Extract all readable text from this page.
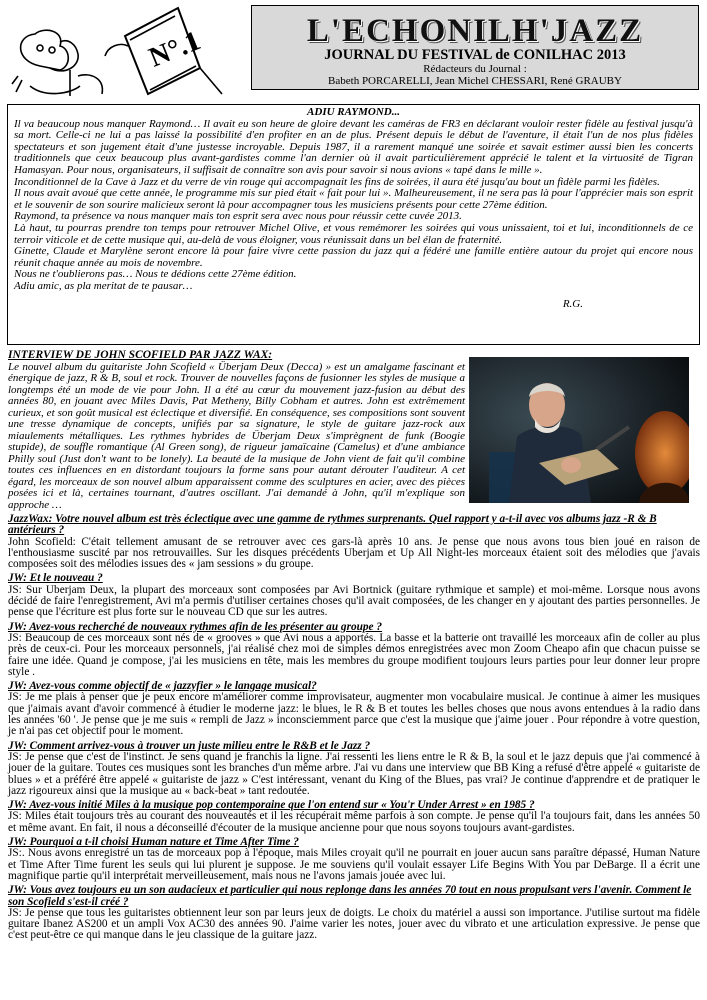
N°.1	L'ECHONILH'JAZZ
JOURNAL DU FESTIVAL de CONILHAC 2013
Rédacteurs du Journal :
Babeth PORCARELLI, Jean Michel CHESSARI, René GRAUBY

ADIU RAYMOND...

Il va beaucoup nous manquer Raymond… Il avait eu son heure de gloire devant les caméras de FR3 en déclarant vouloir rester fidèle au festival jusqu'à sa mort. Celle-ci ne lui a pas laissé la possibilité d'en profiter en an de plus. Présent depuis le début de l'aventure, il était l'un de nos plus fidèles spectateurs et son jugement était d'une justesse incroyable. Depuis 1987, il a rarement manqué une soirée et savait estimer aussi bien les concerts traditionnels que ceux beaucoup plus avant-gardistes comme l'an dernier où il avait particulièrement apprécié le talent et la virtuosité de Tigran Hamasyan. Pour nous, organisateurs, il suffisait de connaître son avis pour savoir si nous avions « tapé dans le mille ».

Inconditionnel de la Cave à Jazz et du verre de vin rouge qui accompagnait les fins de soirées, il aura été jusqu'au bout un fidèle parmi les fidèles.

Il nous avait avoué que cette année, le programme mis sur pied était « fait pour lui ». Malheureusement, il ne sera pas là pour l'apprécier mais son esprit et le souvenir de son sourire malicieux seront là pour accompagner tous les musiciens présents pour cette 27ème édition.

Raymond, ta présence va nous manquer mais ton esprit sera avec nous pour réussir cette cuvée 2013.

Là haut, tu pourras prendre ton temps pour retrouver Michel Olive, et vous remémorer les soirées qui vous unissaient, toi et lui, inconditionnels de ce terroir viticole et de cette musique qui, au-delà de vous éloigner, vous réunissait dans un bel élan de fraternité.

Ginette, Claude et Marylène seront encore là pour faire vivre cette passion du jazz qui a fédéré une famille entière autour du projet qui encore nous réunit chaque année au mois de novembre.

Nous ne t'oublierons pas… Nous te dédions cette 27ème édition.

Adiu amic, as pla meritat de te pausar…

R.G.

INTERVIEW DE JOHN SCOFIELD PAR JAZZ WAX:
Le nouvel album du guitariste John Scofield « Überjam Deux (Decca) » est un amalgame fascinant et énergique de jazz, R & B, soul et rock. Trouver de nouvelles façons de fusionner les styles de musique a longtemps été un mode de vie pour John. Il a été au cœur du mouvement jazz-fusion au début des années 80, en jouant avec Miles Davis, Pat Metheny, Billy Cobham et autres. John est extrêmement curieux, et son goût musical est éclectique et diversifié. En conséquence, ses compositions sont souvent une tresse dynamique de concepts, unifiés par sa signature, le style de guitare jazz-rock aux miaulements métalliques. Les rythmes hybrides de Überjam Deux s'imprègnent de funk (Boogie stupide), de souffle romantique (Al Green song), de rigueur jamaïcaine (Camelus) et d'une ambiance Philly soul (Just don't want to be lonely). La beauté de la musique de John vient de fait qu'il combine toutes ces influences en en distordant toujours la forme sans pour autant dérouter l'auditeur. A cet égard, les morceaux de son nouvel album apparaissent comme des sculptures en acier, avec des pièces posées ici et là, certaines tournant, d'autres oscillant. J'ai demandé à John, qu'il m'explique son approche …

JazzWax: Votre nouvel album est très éclectique avec une gamme de rythmes surprenants. Quel rapport y a-t-il avec vos albums jazz -R & B antérieurs ?

John Scofield: C'était tellement amusant de se retrouver avec ces gars-là après 10 ans. Je pense que nous avons tous bien joué en raison de l'enthousiasme suscité par nos retrouvailles. Sur les disques précédents Uberjam et Up All Night-les morceaux étaient soit des mélodies que j'avais composées soit des mélodies issues des « jam sessions » du groupe.

JW: Et le nouveau ?

JS: Sur Uberjam Deux, la plupart des morceaux sont composées par Avi Bortnick (guitare rythmique et sample) et moi-même. Lorsque nous avons décidé de faire l'enregistrement, Avi m'a permis d'utiliser certaines choses qu'il avait composées, de les changer en y ajoutant des parties personnelles. Je pense que l'écriture est plus forte sur le nouveau CD que sur les autres.

JW: Avez-vous recherché de nouveaux rythmes afin de les présenter au groupe ?

JS: Beaucoup de ces morceaux sont nés de « grooves » que Avi nous a apportés. La basse et la batterie ont travaillé les morceaux afin de coller au plus près de ceux-ci. Pour les morceaux personnels, j'ai réalisé chez moi de simples démos enregistrées avec mon Zoom Cheapo afin que chacun puisse se faire une idée. Quand je compose, j'ai les musiciens en tête, mais les membres du groupe modifient toujours leurs parties pour leur donner leur propre style .

JW: Avez-vous comme objectif de « jazzyfier » le langage musical?

JS: Je me plais à penser que je peux encore m'améliorer comme improvisateur, augmenter mon vocabulaire musical. Je continue à aimer les musiques que j'aimais avant d'avoir commencé à étudier le moderne jazz: le blues, le R & B et toutes les belles choses que nous avons entendues à la radio dans les années '60 '. Je pense que je me suis « rempli de Jazz » inconsciemment parce que c'est la musique que j'aime jouer . Pour répondre à votre question, je n'ai pas cet objectif pour le moment.

JW: Comment arrivez-vous à trouver un juste milieu entre le R&B et le Jazz ?

JS: Je pense que c'est de l'instinct. Je sens quand je franchis la ligne. J'ai ressenti les liens entre le R & B, la soul et le jazz depuis que j'ai commencé à jouer de la guitare. Toutes ces musiques sont les branches d'un même arbre. J'ai vu dans une interview que BB King a refusé d'être appelé « guitariste de blues » et a préféré être appelé « guitariste de jazz » C'est intéressant, venant du King of the Blues, pas vrai? Je continue d'apprendre et de pratiquer le jazz rigoureux ainsi que la musique au « back-beat » tant redoutée.

JW: Avez-vous initié Miles à la musique pop contemporaine que l'on entend sur « You'r Under Arrest » en 1985 ?

JS: Miles était toujours très au courant des nouveautés et il les récupérait même parfois à son compte. Je pense qu'il l'a toujours fait, dans les années 50 et même avant. En fait, il nous a déconseillé d'écouter de la musique ancienne pour que nous soyons toujours avant-gardistes.

JW: Pourquoi a t-il choisi Human nature et Time After Time ?

JS:. Nous avons enregistré un tas de morceaux pop à l'époque, mais Miles croyait qu'il ne pourrait en jouer aucun sans paraître dépassé, Human Nature et Time After Time furent les seuls qui lui plurent je suppose. Je me souviens qu'il voulait essayer Life Begins With You par DeBarge. Il a écrit une magnifique partie qu'il interprétait merveilleusement, mais nous ne l'avons jamais jouée avec lui.

JW: Vous avez toujours eu un son audacieux et particulier qui nous replonge dans les années 70 tout en nous propulsant vers l'avenir. Comment le son Scofield s'est-il créé ?

JS: Je pense que tous les guitaristes obtiennent leur son par leurs jeux de doigts. Le choix du matériel a aussi son importance. J'utilise surtout ma fidèle guitare Ibanez AS200 et un ampli Vox AC30 des années 90. J'aime varier les notes, jouer avec du vibrato et une articulation expressive. Je pense que c'est peut-être ce qui manque dans le jeu classique de la guitare jazz.
